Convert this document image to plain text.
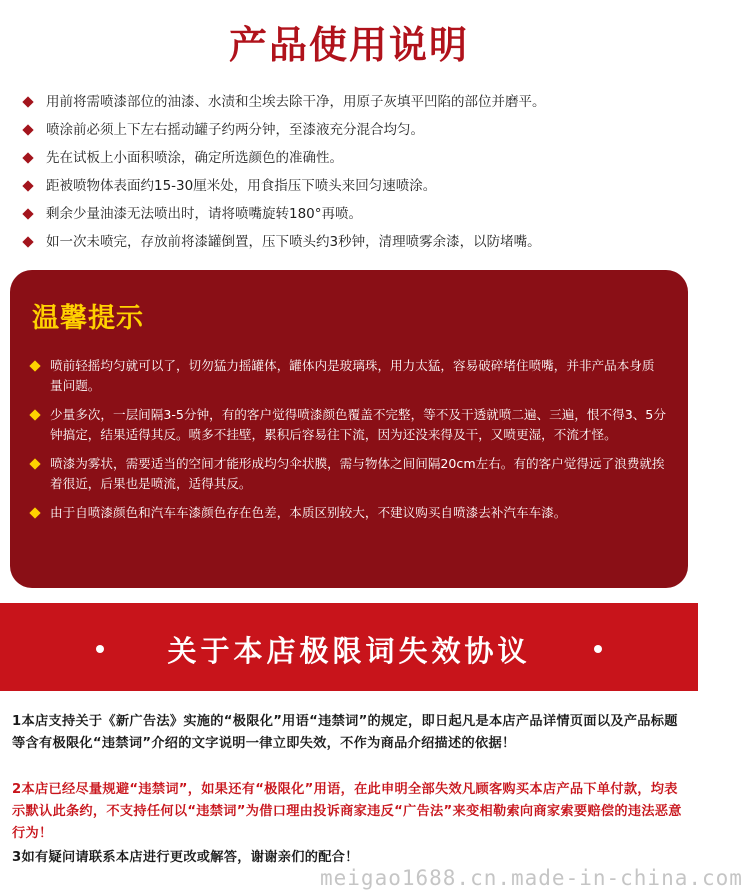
产品使用说明
用前将需喷漆部位的油漆、水渍和尘埃去除干净，用原子灰填平凹陷的部位并磨平。
喷涂前必须上下左右摇动罐子约两分钟，至漆液充分混合均匀。
先在试板上小面积喷涂，确定所选颜色的准确性。
距被喷物体表面约15-30厘米处，用食指压下喷头来回匀速喷涂。
剩余少量油漆无法喷出时，请将喷嘴旋转180°再喷。
如一次未喷完，存放前将漆罐倒置，压下喷头约3秒钟，清理喷雾余漆，以防堵嘴。
温馨提示
喷前轻摇均匀就可以了，切勿猛力摇罐体，罐体内是玻璃珠，用力太猛，容易破碎堵住喷嘴，并非产品本身质量问题。
少量多次，一层间隔3-5分钟，有的客户觉得喷漆颜色覆盖不完整，等不及干透就喷二遍、三遍，恨不得3、5分钟搞定，结果适得其反。喷多不挂壁，累积后容易往下流，因为还没来得及干，又喷更湿，不流才怪。
喷漆为雾状，需要适当的空间才能形成均匀伞状膜，需与物体之间间隔20cm左右。有的客户觉得远了浪费就挨着很近，后果也是喷流，适得其反。
由于自喷漆颜色和汽车车漆颜色存在色差，本质区别较大，不建议购买自喷漆去补汽车车漆。
关于本店极限词失效协议

1本店支持关于《新广告法》实施的“极限化”用语“违禁词”的规定，即日起凡是本店产品详情页面以及产品标题等含有极限化“违禁词”介绍的文字说明一律立即失效，不作为商品介绍描述的依据！

2本店已经尽量规避“违禁词”，如果还有“极限化”用语，在此申明全部失效凡顾客购买本店产品下单付款，均表示默认此条约，不支持任何以“违禁词”为借口理由投诉商家违反“广告法”来变相勒索向商家索要赔偿的违法恶意行为！

3如有疑问请联系本店进行更改或解答，谢谢亲们的配合！

meigao1688.cn.made-in-china.com
